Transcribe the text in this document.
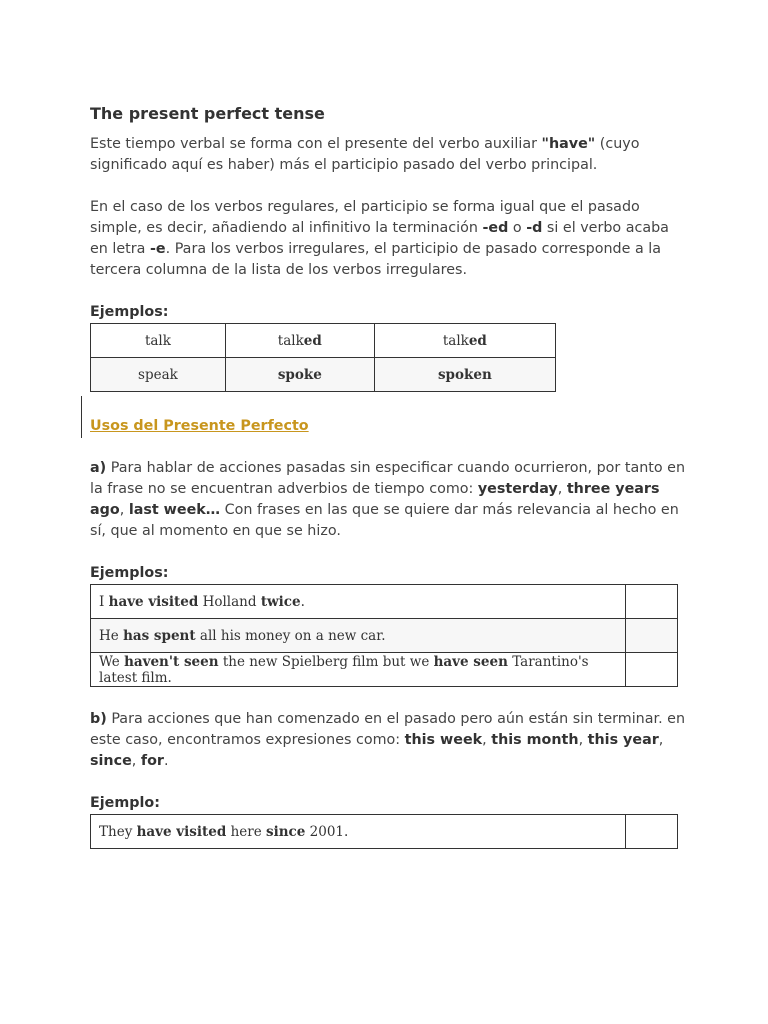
The present perfect tense

Este tiempo verbal se forma con el presente del verbo auxiliar "have" (cuyo significado aquí es haber) más el participio pasado del verbo principal.

En el caso de los verbos regulares, el participio se forma igual que el pasado simple, es decir, añadiendo al infinitivo la terminación -ed o -d si el verbo acaba en letra -e. Para los verbos irregulares, el participio de pasado corresponde a la tercera columna de la lista de los verbos irregulares.

Ejemplos:
talk	talked	talked
speak	spoke	spoken
Usos del Presente Perfecto

a) Para hablar de acciones pasadas sin especificar cuando ocurrieron, por tanto en la frase no se encuentran adverbios de tiempo como: yesterday, three years ago, last week… Con frases en las que se quiere dar más relevancia al hecho en sí, que al momento en que se hizo.

Ejemplos:
I have visited Holland twice.	
He has spent all his money on a new car.	
We haven't seen the new Spielberg film but we have seen Tarantino's latest film.	

b) Para acciones que han comenzado en el pasado pero aún están sin terminar. en este caso, encontramos expresiones como: this week, this month, this year, since, for.

Ejemplo:
They have visited here since 2001.	
